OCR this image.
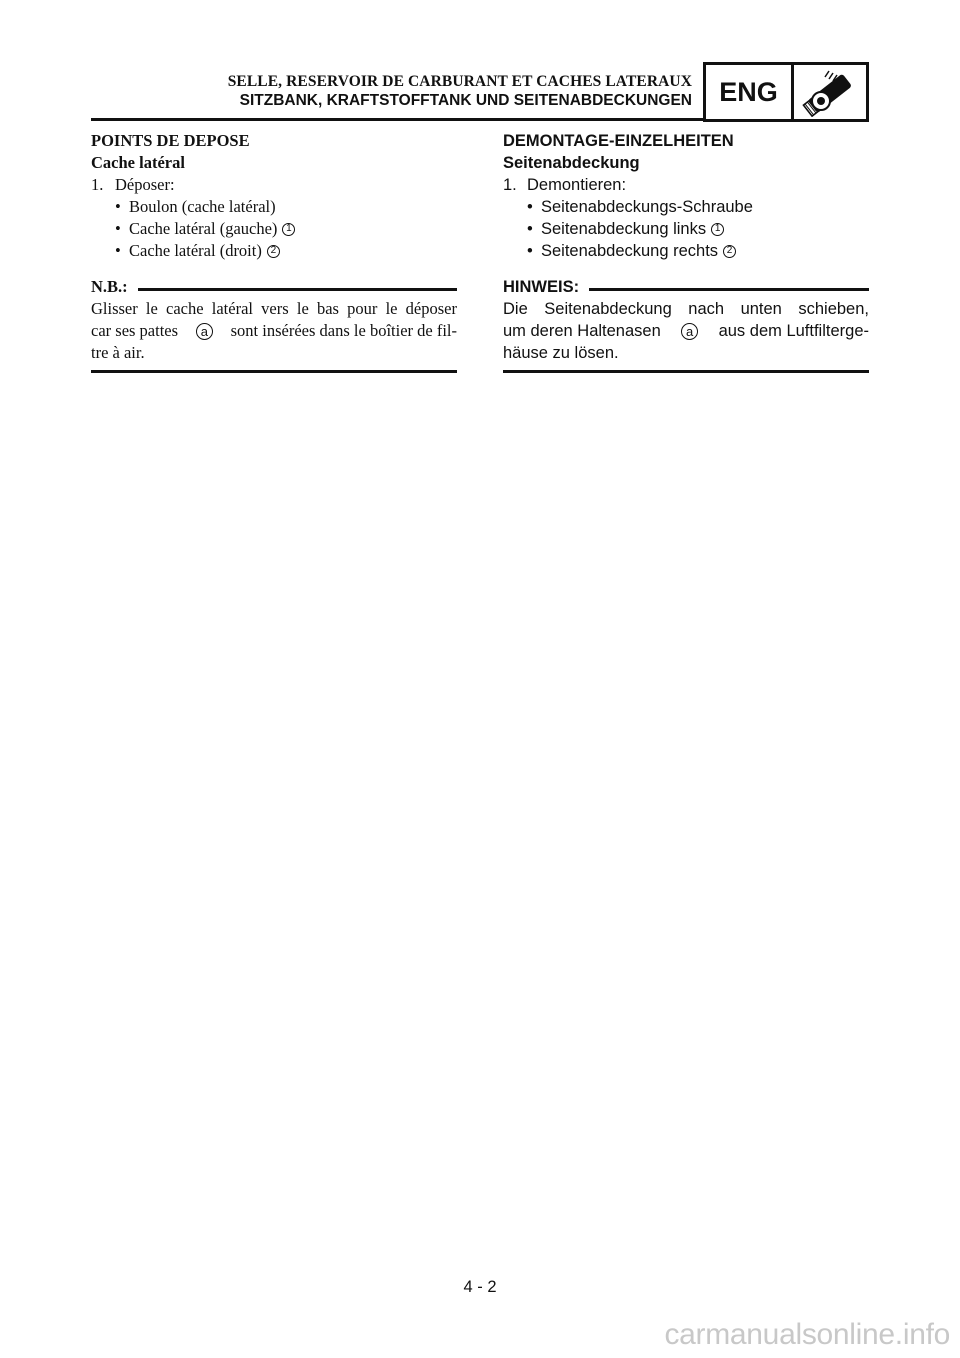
SELLE, RESERVOIR DE CARBURANT ET CACHES LATERAUX
SITZBANK, KRAFTSTOFFTANK UND SEITENABDECKUNGEN	ENG
POINTS DE DEPOSE
Cache latéral
1. Déposer:
• Boulon (cache latéral)
• Cache latéral (gauche) 1
• Cache latéral (droit) 2
N.B.:
Glisser le cache latéral vers le bas pour le déposer
car ses pattes	a sont insérées dans le boîtier de fil-
tre à air.
DEMONTAGE-EINZELHEITEN
Seitenabdeckung
1. Demontieren:
• Seitenabdeckungs-Schraube
• Seitenabdeckung links 1
• Seitenabdeckung rechts 2
HINWEIS:
Die Seitenabdeckung nach unten schieben,
um deren Haltenasen	a aus dem Luftfilterge-
häuse zu lösen.
4 - 2
carmanualsonline.info
